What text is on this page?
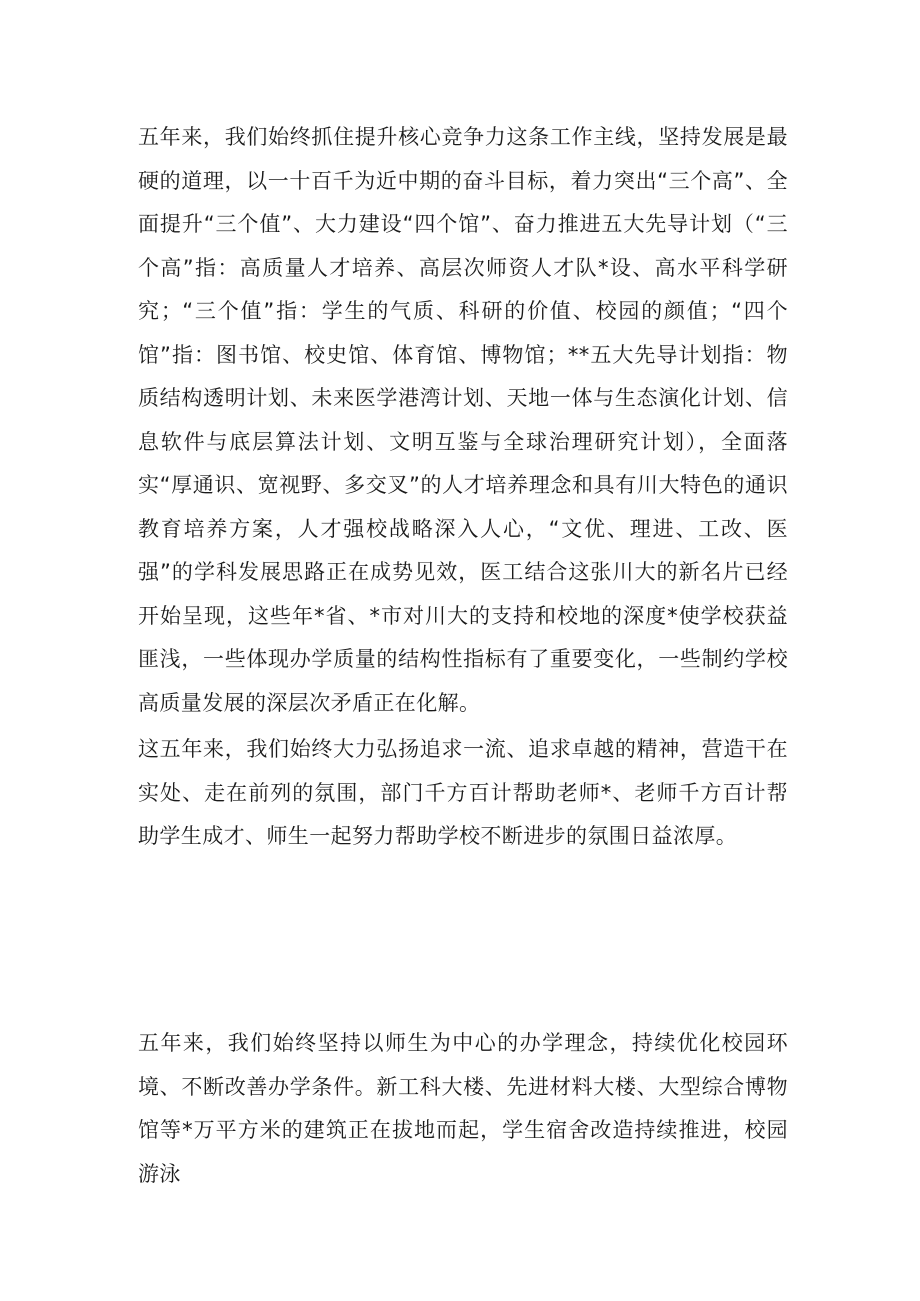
五年来，我们始终抓住提升核心竞争力这条工作主线，坚持发展是最硬的道理，以一十百千为近中期的奋斗目标，着力突出“三个高”、全面提升“三个值”、大力建设“四个馆”、奋力推进五大先导计划（“三个高”指：高质量人才培养、高层次师资人才队*设、高水平科学研究；“三个值”指：学生的气质、科研的价值、校园的颜值；“四个馆”指：图书馆、校史馆、体育馆、博物馆；**五大先导计划指：物质结构透明计划、未来医学港湾计划、天地一体与生态演化计划、信息软件与底层算法计划、文明互鉴与全球治理研究计划），全面落实“厚通识、宽视野、多交叉”的人才培养理念和具有川大特色的通识教育培养方案，人才强校战略深入人心，“文优、理进、工改、医强”的学科发展思路正在成势见效，医工结合这张川大的新名片已经开始呈现，这些年*省、*市对川大的支持和校地的深度*使学校获益匪浅，一些体现办学质量的结构性指标有了重要变化，一些制约学校高质量发展的深层次矛盾正在化解。

这五年来，我们始终大力弘扬追求一流、追求卓越的精神，营造干在实处、走在前列的氛围，部门千方百计帮助老师*、老师千方百计帮助学生成才、师生一起努力帮助学校不断进步的氛围日益浓厚。

五年来，我们始终坚持以师生为中心的办学理念，持续优化校园环境、不断改善办学条件。新工科大楼、先进材料大楼、大型综合博物馆等*万平方米的建筑正在拔地而起，学生宿舍改造持续推进，校园游泳
